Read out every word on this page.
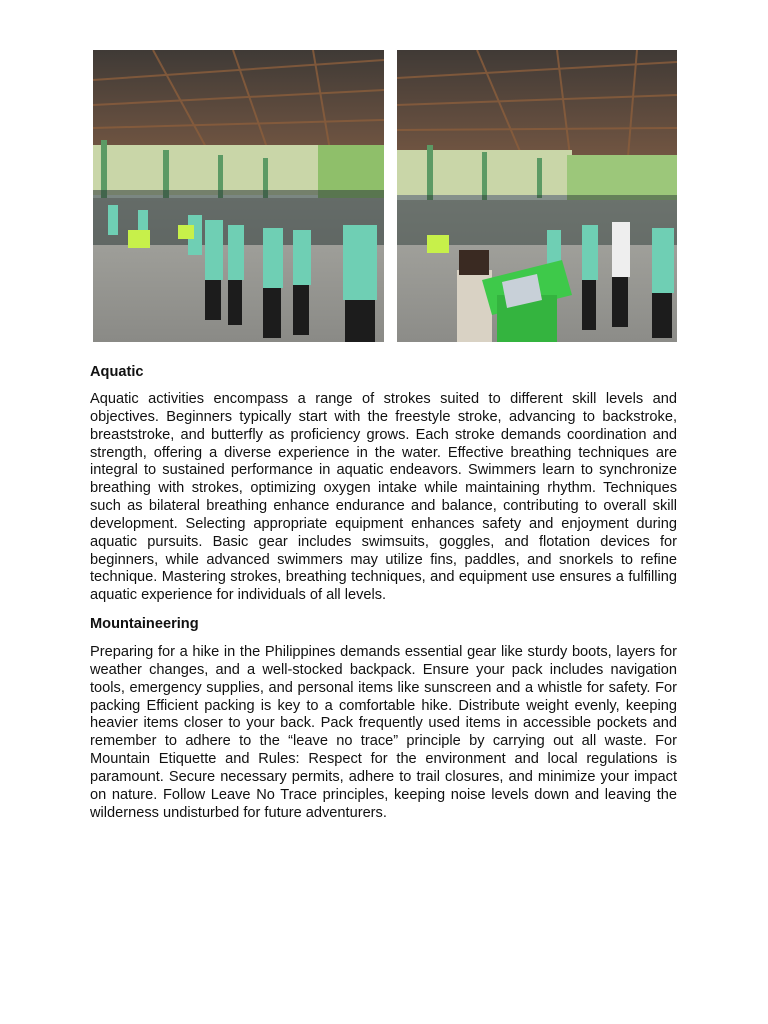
Aquatic

Aquatic activities encompass a range of strokes suited to different skill levels and objectives. Beginners typically start with the freestyle stroke, advancing to backstroke, breaststroke, and butterfly as proficiency grows. Each stroke demands coordination and strength, offering a diverse experience in the water. Effective breathing techniques are integral to sustained performance in aquatic endeavors. Swimmers learn to synchronize breathing with strokes, optimizing oxygen intake while maintaining rhythm. Techniques such as bilateral breathing enhance endurance and balance, contributing to overall skill development. Selecting appropriate equipment enhances safety and enjoyment during aquatic pursuits. Basic gear includes swimsuits, goggles, and flotation devices for beginners, while advanced swimmers may utilize fins, paddles, and snorkels to refine technique. Mastering strokes, breathing techniques, and equipment use ensures a fulfilling aquatic experience for individuals of all levels.

Mountaineering

Preparing for a hike in the Philippines demands essential gear like sturdy boots, layers for weather changes, and a well-stocked backpack. Ensure your pack includes navigation tools, emergency supplies, and personal items like sunscreen and a whistle for safety. For packing Efficient packing is key to a comfortable hike. Distribute weight evenly, keeping heavier items closer to your back. Pack frequently used items in accessible pockets and remember to adhere to the “leave no trace” principle by carrying out all waste. For Mountain Etiquette and Rules: Respect for the environment and local regulations is paramount. Secure necessary permits, adhere to trail closures, and minimize your impact on nature. Follow Leave No Trace principles, keeping noise levels down and leaving the wilderness undisturbed for future adventurers.
